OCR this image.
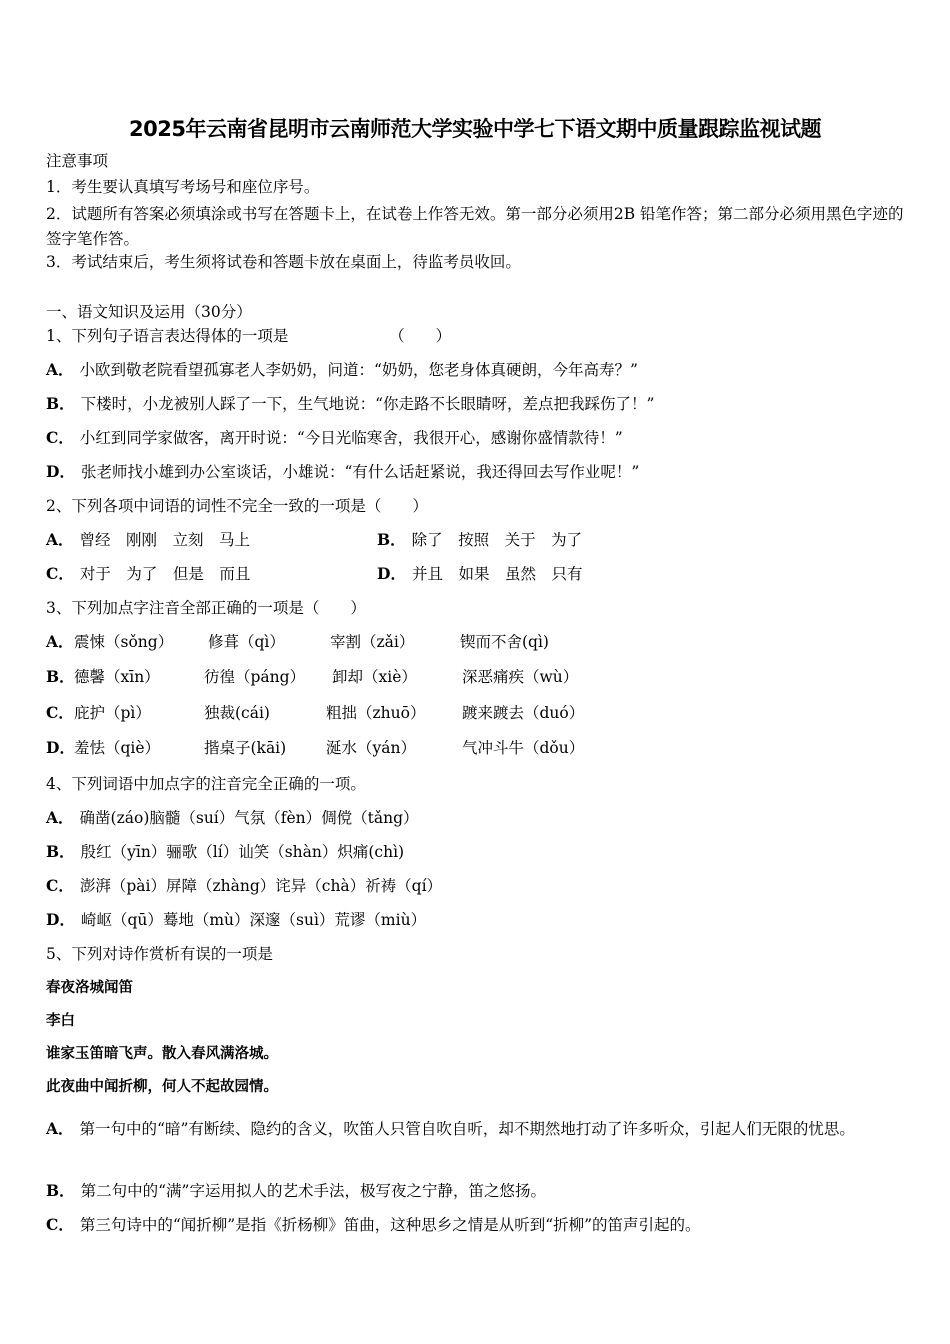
2025年云南省昆明市云南师范大学实验中学七下语文期中质量跟踪监视试题
注意事项
1．考生要认真填写考场号和座位序号。
2．试题所有答案必须填涂或书写在答题卡上，在试卷上作答无效。第一部分必须用2B 铅笔作答；第二部分必须用黑色字迹的签字笔作答。
3．考试结束后，考生须将试卷和答题卡放在桌面上，待监考员收回。
一、语文知识及运用（30分）
1、下列句子语言表达得体的一项是　　　　　　　（　　）
A． 小欧到敬老院看望孤寡老人李奶奶，问道：“奶奶，您老身体真硬朗，今年高寿？”
B． 下楼时，小龙被别人踩了一下，生气地说：“你走路不长眼睛呀，差点把我踩伤了！”
C． 小红到同学家做客，离开时说：“今日光临寒舍，我很开心，感谢你盛情款待！”
D． 张老师找小雄到办公室谈话，小雄说：“有什么话赶紧说，我还得回去写作业呢！”
2、下列各项中词语的词性不完全一致的一项是（　　）
A． 曾经　刚刚　立刻　马上	B． 除了　按照　关于　为了
C． 对于　为了　但是　而且	D． 并且　如果　虽然　只有
3、下列加点字注音全部正确的一项是（　　）
A． 震悚（sǒng） 修葺（qì）	宰割（zǎi）	锲而不舍(qì)
B． 德馨（xīn）	彷徨（páng） 卸却（xiè）	深恶痛疾（wù）
C． 庇护（pì）	独裁(cái)	粗拙（zhuō） 踱来踱去（duó）
D． 羞怯（qiè）	揩桌子(kāi)	涎水（yán）	气冲斗牛（dǒu）
4、下列词语中加点字的注音完全正确的一项。
A． 确凿(záo)脑髓（suí）气氛（fèn）倜傥（tǎng）
B． 殷红（yīn）骊歌（lí）讪笑（shàn）炽痛(chì)
C． 澎湃（pài）屏障（zhàng）诧异（chà）祈祷（qí）
D． 崎岖（qū）蓦地（mù）深邃（suì）荒谬（miù）
5、下列对诗作赏析有误的一项是
春夜洛城闻笛
李白
谁家玉笛暗飞声。散入春风满洛城。
此夜曲中闻折柳，何人不起故园情。
A． 第一句中的“暗”有断续、隐约的含义，吹笛人只管自吹自听，却不期然地打动了许多听众，引起人们无限的忧思。
B． 第二句中的“满”字运用拟人的艺术手法，极写夜之宁静，笛之悠扬。
C． 第三句诗中的“闻折柳”是指《折杨柳》笛曲，这种思乡之情是从听到“折柳”的笛声引起的。
